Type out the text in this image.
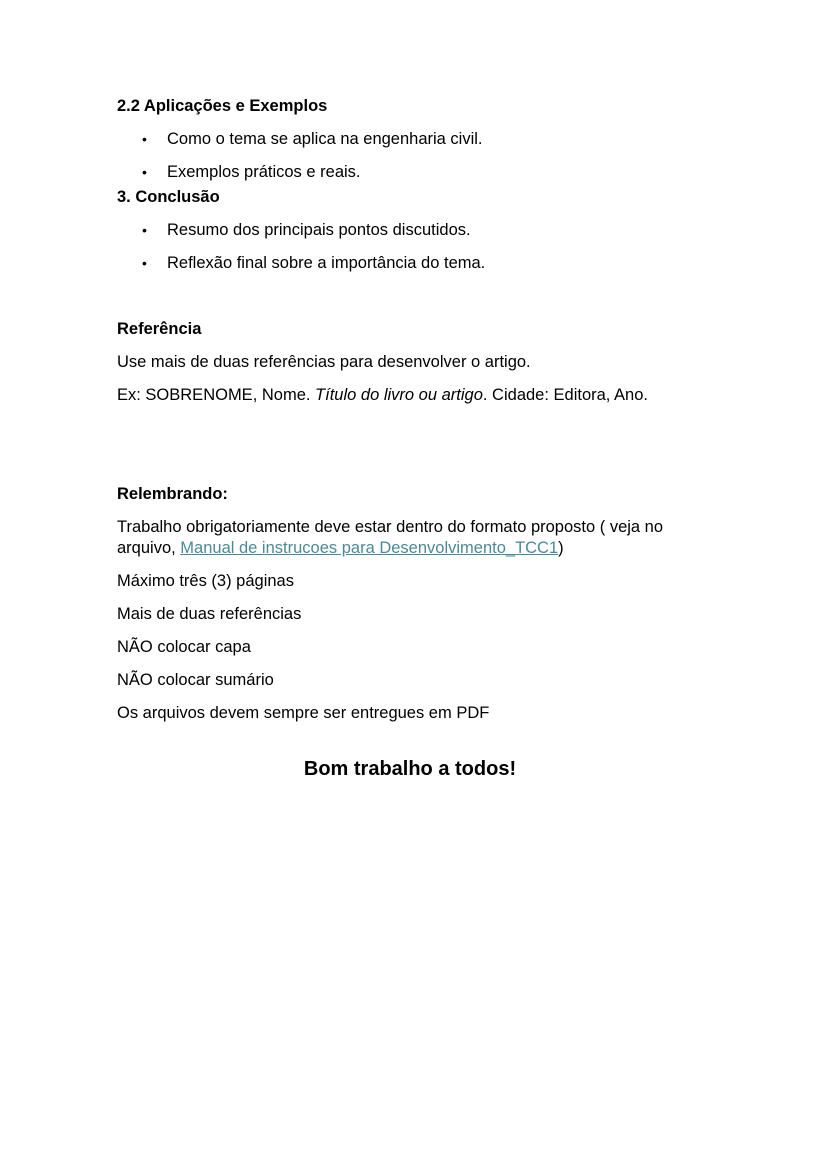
2.2 Aplicações e Exemplos
• Como o tema se aplica na engenharia civil.
• Exemplos práticos e reais.
3. Conclusão
• Resumo dos principais pontos discutidos.
• Reflexão final sobre a importância do tema.
Referência
Use mais de duas referências para desenvolver o artigo.
Ex: SOBRENOME, Nome. Título do livro ou artigo. Cidade: Editora, Ano.
Relembrando:
Trabalho obrigatoriamente deve estar dentro do formato proposto ( veja no arquivo, Manual de instrucoes para Desenvolvimento_TCC1)
Máximo três (3) páginas
Mais de duas referências
NÃO colocar capa
NÃO colocar sumário
Os arquivos devem sempre ser entregues em PDF
Bom trabalho a todos!
